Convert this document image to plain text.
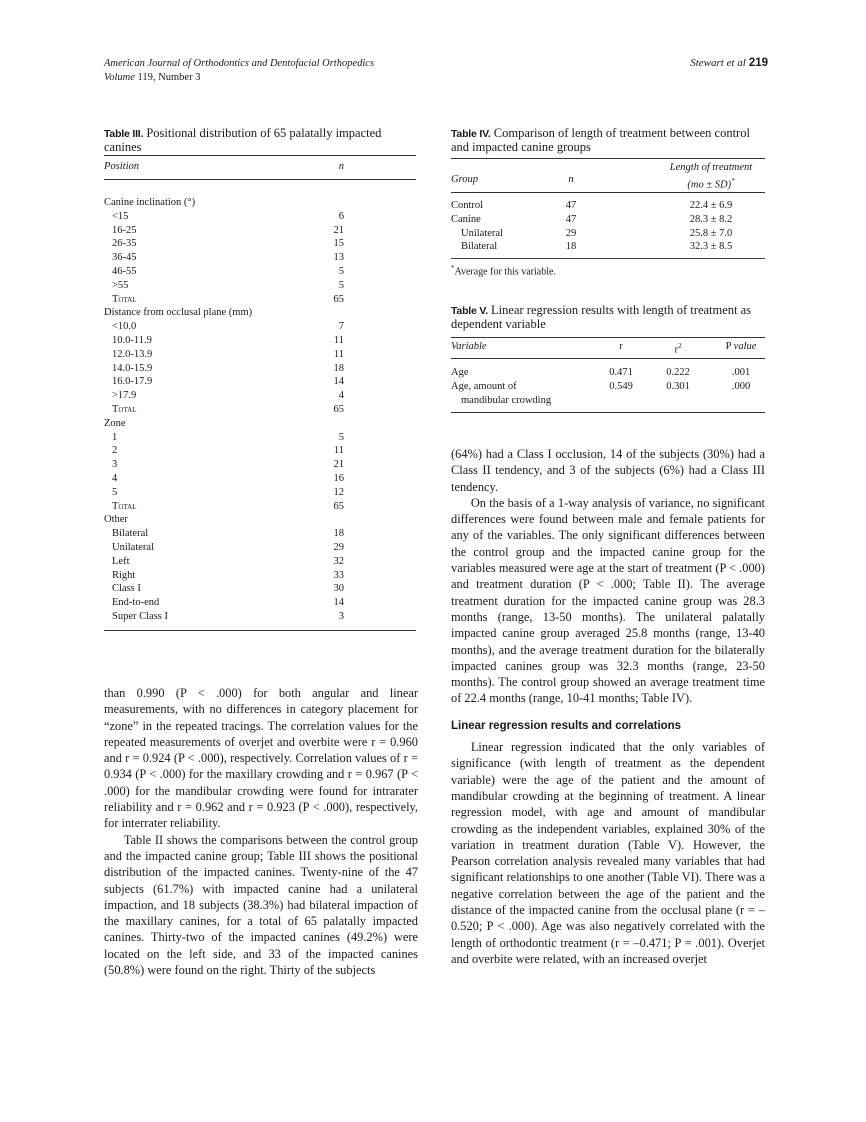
American Journal of Orthodontics and Dentofacial Orthopedics
Volume 119, Number 3
Stewart et al 219
Table III. Positional distribution of 65 palatally impacted canines
Position	n
Canine inclination (°)
<15	6
16-25	21
26-35	15
36-45	13
46-55	5
>55	5
Total	65
Distance from occlusal plane (mm)
<10.0	7
10.0-11.9	11
12.0-13.9	11
14.0-15.9	18
16.0-17.9	14
>17.9	4
Total	65
Zone
1	5
2	11
3	21
4	16
5	12
Total	65
Other
Bilateral	18
Unilateral	29
Left	32
Right	33
Class I	30
End-to-end	14
Super Class I	3
Table IV. Comparison of length of treatment between control and impacted canine groups
Group	n
Length of treatment
(mo ± SD)*
Control	47	22.4 ± 6.9
Canine	47	28.3 ± 8.2
Unilateral	29	25.8 ± 7.0
Bilateral	18	32.3 ± 8.5
*Average for this variable.
Table V. Linear regression results with length of treatment as dependent variable
Variable	r	$r^2$	P value
Age	0.471	0.222	.001
Age, amount of	0.549	0.301	.000
mandibular crowding

than 0.990 (P < .000) for both angular and linear measurements, with no differences in category placement for “zone” in the repeated tracings. The correlation values for the repeated measurements of overjet and overbite were r = 0.960 and r = 0.924 (P < .000), respectively. Correlation values of r = 0.934 (P < .000) for the maxillary crowding and r = 0.967 (P < .000) for the mandibular crowding were found for intrarater reliability and r = 0.962 and r = 0.923 (P < .000), respectively, for interrater reliability.

Table II shows the comparisons between the control group and the impacted canine group; Table III shows the positional distribution of the impacted canines. Twenty-nine of the 47 subjects (61.7%) with impacted canine had a unilateral impaction, and 18 subjects (38.3%) had bilateral impaction of the maxillary canines, for a total of 65 palatally impacted canines. Thirty-two of the impacted canines (49.2%) were located on the left side, and 33 of the impacted canines (50.8%) were found on the right. Thirty of the subjects

(64%) had a Class I occlusion, 14 of the subjects (30%) had a Class II tendency, and 3 of the subjects (6%) had a Class III tendency.

On the basis of a 1-way analysis of variance, no significant differences were found between male and female patients for any of the variables. The only significant differences between the control group and the impacted canine group for the variables measured were age at the start of treatment (P < .000) and treatment duration (P < .000; Table II). The average treatment duration for the impacted canine group was 28.3 months (range, 13-50 months). The unilateral palatally impacted canine group averaged 25.8 months (range, 13-40 months), and the average treatment duration for the bilaterally impacted canines group was 32.3 months (range, 23-50 months). The control group showed an average treatment time of 22.4 months (range, 10-41 months; Table IV).

Linear regression results and correlations

Linear regression indicated that the only variables of significance (with length of treatment as the dependent variable) were the age of the patient and the amount of mandibular crowding at the beginning of treatment. A linear regression model, with age and amount of mandibular crowding as the independent variables, explained 30% of the variation in treatment duration (Table V). However, the Pearson correlation analysis revealed many variables that had significant relationships to one another (Table VI). There was a negative correlation between the age of the patient and the distance of the impacted canine from the occlusal plane (r = –0.520; P < .000). Age was also negatively correlated with the length of orthodontic treatment (r = –0.471; P = .001). Overjet and overbite were related, with an increased overjet
